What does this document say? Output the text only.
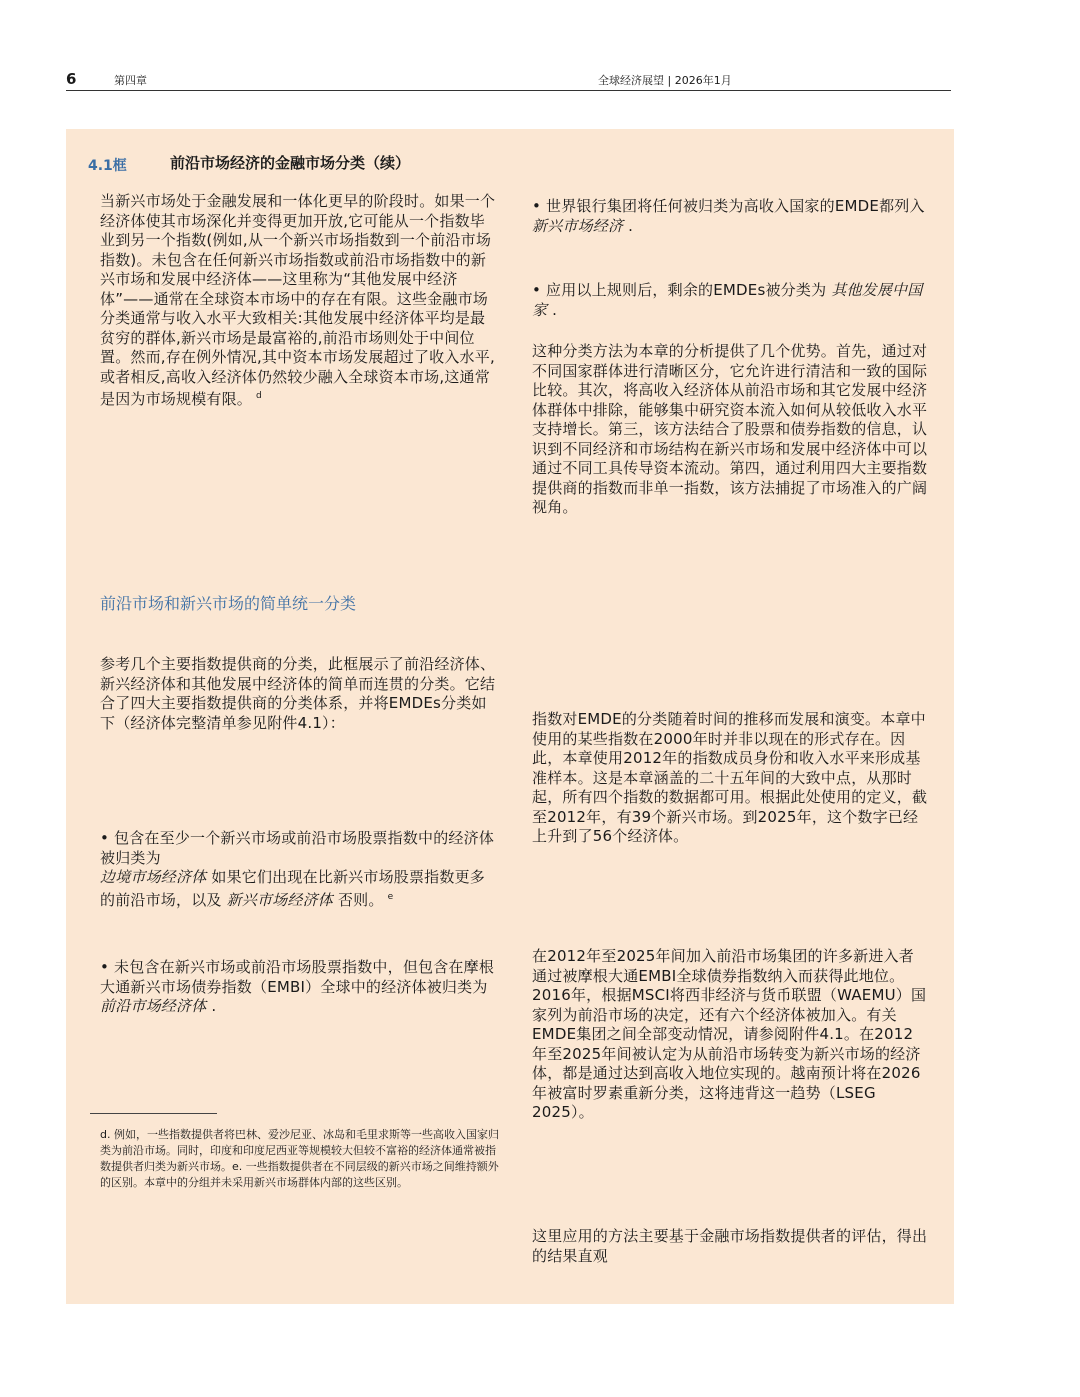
6	第四章	全球经济展望 | 2026年1月
4.1框	前沿市场经济的金融市场分类（续）

当新兴市场处于金融发展和一体化更早的阶段时。如果一个经济体使其市场深化并变得更加开放,它可能从一个指数毕业到另一个指数(例如,从一个新兴市场指数到一个前沿市场指数)。未包含在任何新兴市场指数或前沿市场指数中的新兴市场和发展中经济体——这里称为“其他发展中经济体”——通常在全球资本市场中的存在有限。这些金融市场分类通常与收入水平大致相关:其他发展中经济体平均是最贫穷的群体,新兴市场是最富裕的,前沿市场则处于中间位置。然而,存在例外情况,其中资本市场发展超过了收入水平,或者相反,高收入经济体仍然较少融入全球资本市场,这通常是因为市场规模有限。 $^d$

前沿市场和新兴市场的简单统一分类

参考几个主要指数提供商的分类，此框展示了前沿经济体、新兴经济体和其他发展中经济体的简单而连贯的分类。它结合了四大主要指数提供商的分类体系，并将EMDEs分类如下（经济体完整清单参见附件4.1）：

• 包含在至少一个新兴市场或前沿市场股票指数中的经济体被归类为
边境市场经济体 如果它们出现在比新兴市场股票指数更多的前沿市场，以及 新兴市场经济体 否则。 $^e$

• 未包含在新兴市场或前沿市场股票指数中，但包含在摩根大通新兴市场债券指数（EMBI）全球中的经济体被归类为 前沿市场经济体 .

d. 例如，一些指数提供者将巴林、爱沙尼亚、冰岛和毛里求斯等一些高收入国家归类为前沿市场。同时，印度和印度尼西亚等规模较大但较不富裕的经济体通常被指数提供者归类为新兴市场。e. 一些指数提供者在不同层级的新兴市场之间维持额外的区别。本章中的分组并未采用新兴市场群体内部的这些区别。

• 世界银行集团将任何被归类为高收入国家的EMDE都列入
新兴市场经济 .

• 应用以上规则后，剩余的EMDEs被分类为 其他发展中国家 .

这种分类方法为本章的分析提供了几个优势。首先，通过对不同国家群体进行清晰区分，它允许进行清洁和一致的国际比较。其次，将高收入经济体从前沿市场和其它发展中经济体群体中排除，能够集中研究资本流入如何从较低收入水平支持增长。第三，该方法结合了股票和债券指数的信息，认识到不同经济和市场结构在新兴市场和发展中经济体中可以通过不同工具传导资本流动。第四，通过利用四大主要指数提供商的指数而非单一指数，该方法捕捉了市场准入的广阔视角。

指数对EMDE的分类随着时间的推移而发展和演变。本章中使用的某些指数在2000年时并非以现在的形式存在。因此，本章使用2012年的指数成员身份和收入水平来形成基准样本。这是本章涵盖的二十五年间的大致中点，从那时起，所有四个指数的数据都可用。根据此处使用的定义，截至2012年，有39个新兴市场。到2025年，这个数字已经上升到了56个经济体。

在2012年至2025年间加入前沿市场集团的许多新进入者通过被摩根大通EMBI全球债券指数纳入而获得此地位。2016年，根据MSCI将西非经济与货币联盟（WAEMU）国家列为前沿市场的决定，还有六个经济体被加入。有关EMDE集团之间全部变动情况，请参阅附件4.1。在2012年至2025年间被认定为从前沿市场转变为新兴市场的经济体，都是通过达到高收入地位实现的。越南预计将在2026年被富时罗素重新分类，这将违背这一趋势（LSEG 2025）。

这里应用的方法主要基于金融市场指数提供者的评估，得出的结果直观
